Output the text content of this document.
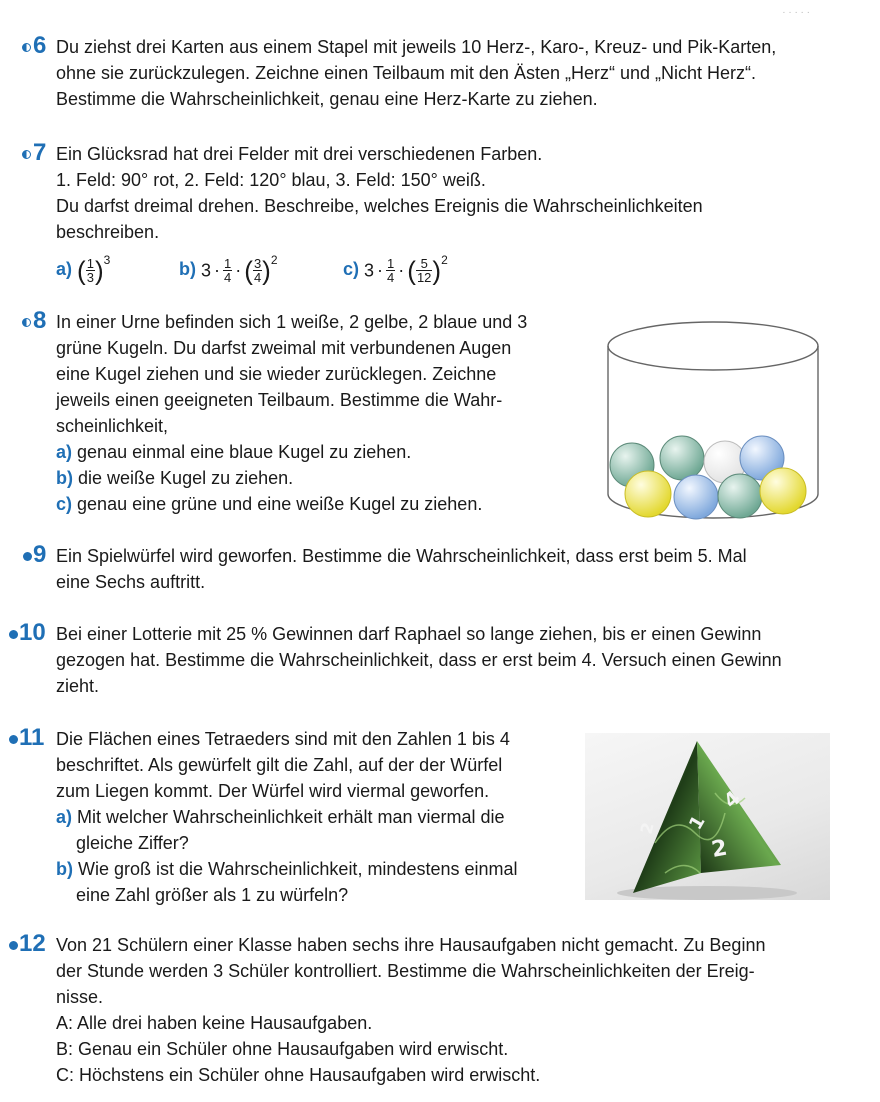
· · · · ·
6 Du ziehst drei Karten aus einem Stapel mit jeweils 10 Herz-, Karo-, Kreuz- und Pik-Karten,
ohne sie zurückzulegen. Zeichne einen Teilbaum mit den Ästen „Herz“ und „Nicht Herz“.
Bestimme die Wahrscheinlichkeit, genau eine Herz-Karte zu ziehen.
7 Ein Glücksrad hat drei Felder mit drei verschiedenen Farben.
1. Feld: 90° rot, 2. Feld: 120° blau, 3. Feld: 150° weiß.
Du darfst dreimal drehen. Beschreibe, welches Ereignis die Wahrscheinlichkeiten
beschreiben.
a) ( $\frac{1}{3} )^3$	b) $3 \cdot \frac{1}{4}$ · ( $\frac{3}{4} )^2$	c) $3 \cdot \frac{1}{4}$ · ( $\frac{5}{12} )^2$
8 In einer Urne befinden sich 1 weiße, 2 gelbe, 2 blaue und 3
grüne Kugeln. Du darfst zweimal mit verbundenen Augen
eine Kugel ziehen und sie wieder zurücklegen. Zeichne
jeweils einen geeigneten Teilbaum. Bestimme die Wahr-
scheinlichkeit,
a) genau einmal eine blaue Kugel zu ziehen.
b) die weiße Kugel zu ziehen.
c) genau eine grüne und eine weiße Kugel zu ziehen.
9 Ein Spielwürfel wird geworfen. Bestimme die Wahrscheinlichkeit, dass erst beim 5. Mal
eine Sechs auftritt.
10 Bei einer Lotterie mit 25 % Gewinnen darf Raphael so lange ziehen, bis er einen Gewinn
gezogen hat. Bestimme die Wahrscheinlichkeit, dass er erst beim 4. Versuch einen Gewinn
zieht.
11 Die Flächen eines Tetraeders sind mit den Zahlen 1 bis 4
beschriftet. Als gewürfelt gilt die Zahl, auf der der Würfel
zum Liegen kommt. Der Würfel wird viermal geworfen.
a) Mit welcher Wahrscheinlichkeit erhält man viermal die
gleiche Ziffer?
b) Wie groß ist die Wahrscheinlichkeit, mindestens einmal
eine Zahl größer als 1 zu würfeln?
4
1
2
2
12 Von 21 Schülern einer Klasse haben sechs ihre Hausaufgaben nicht gemacht. Zu Beginn
der Stunde werden 3 Schüler kontrolliert. Bestimme die Wahrscheinlichkeiten der Ereig-
nisse.
A: Alle drei haben keine Hausaufgaben.
B: Genau ein Schüler ohne Hausaufgaben wird erwischt.
C: Höchstens ein Schüler ohne Hausaufgaben wird erwischt.
